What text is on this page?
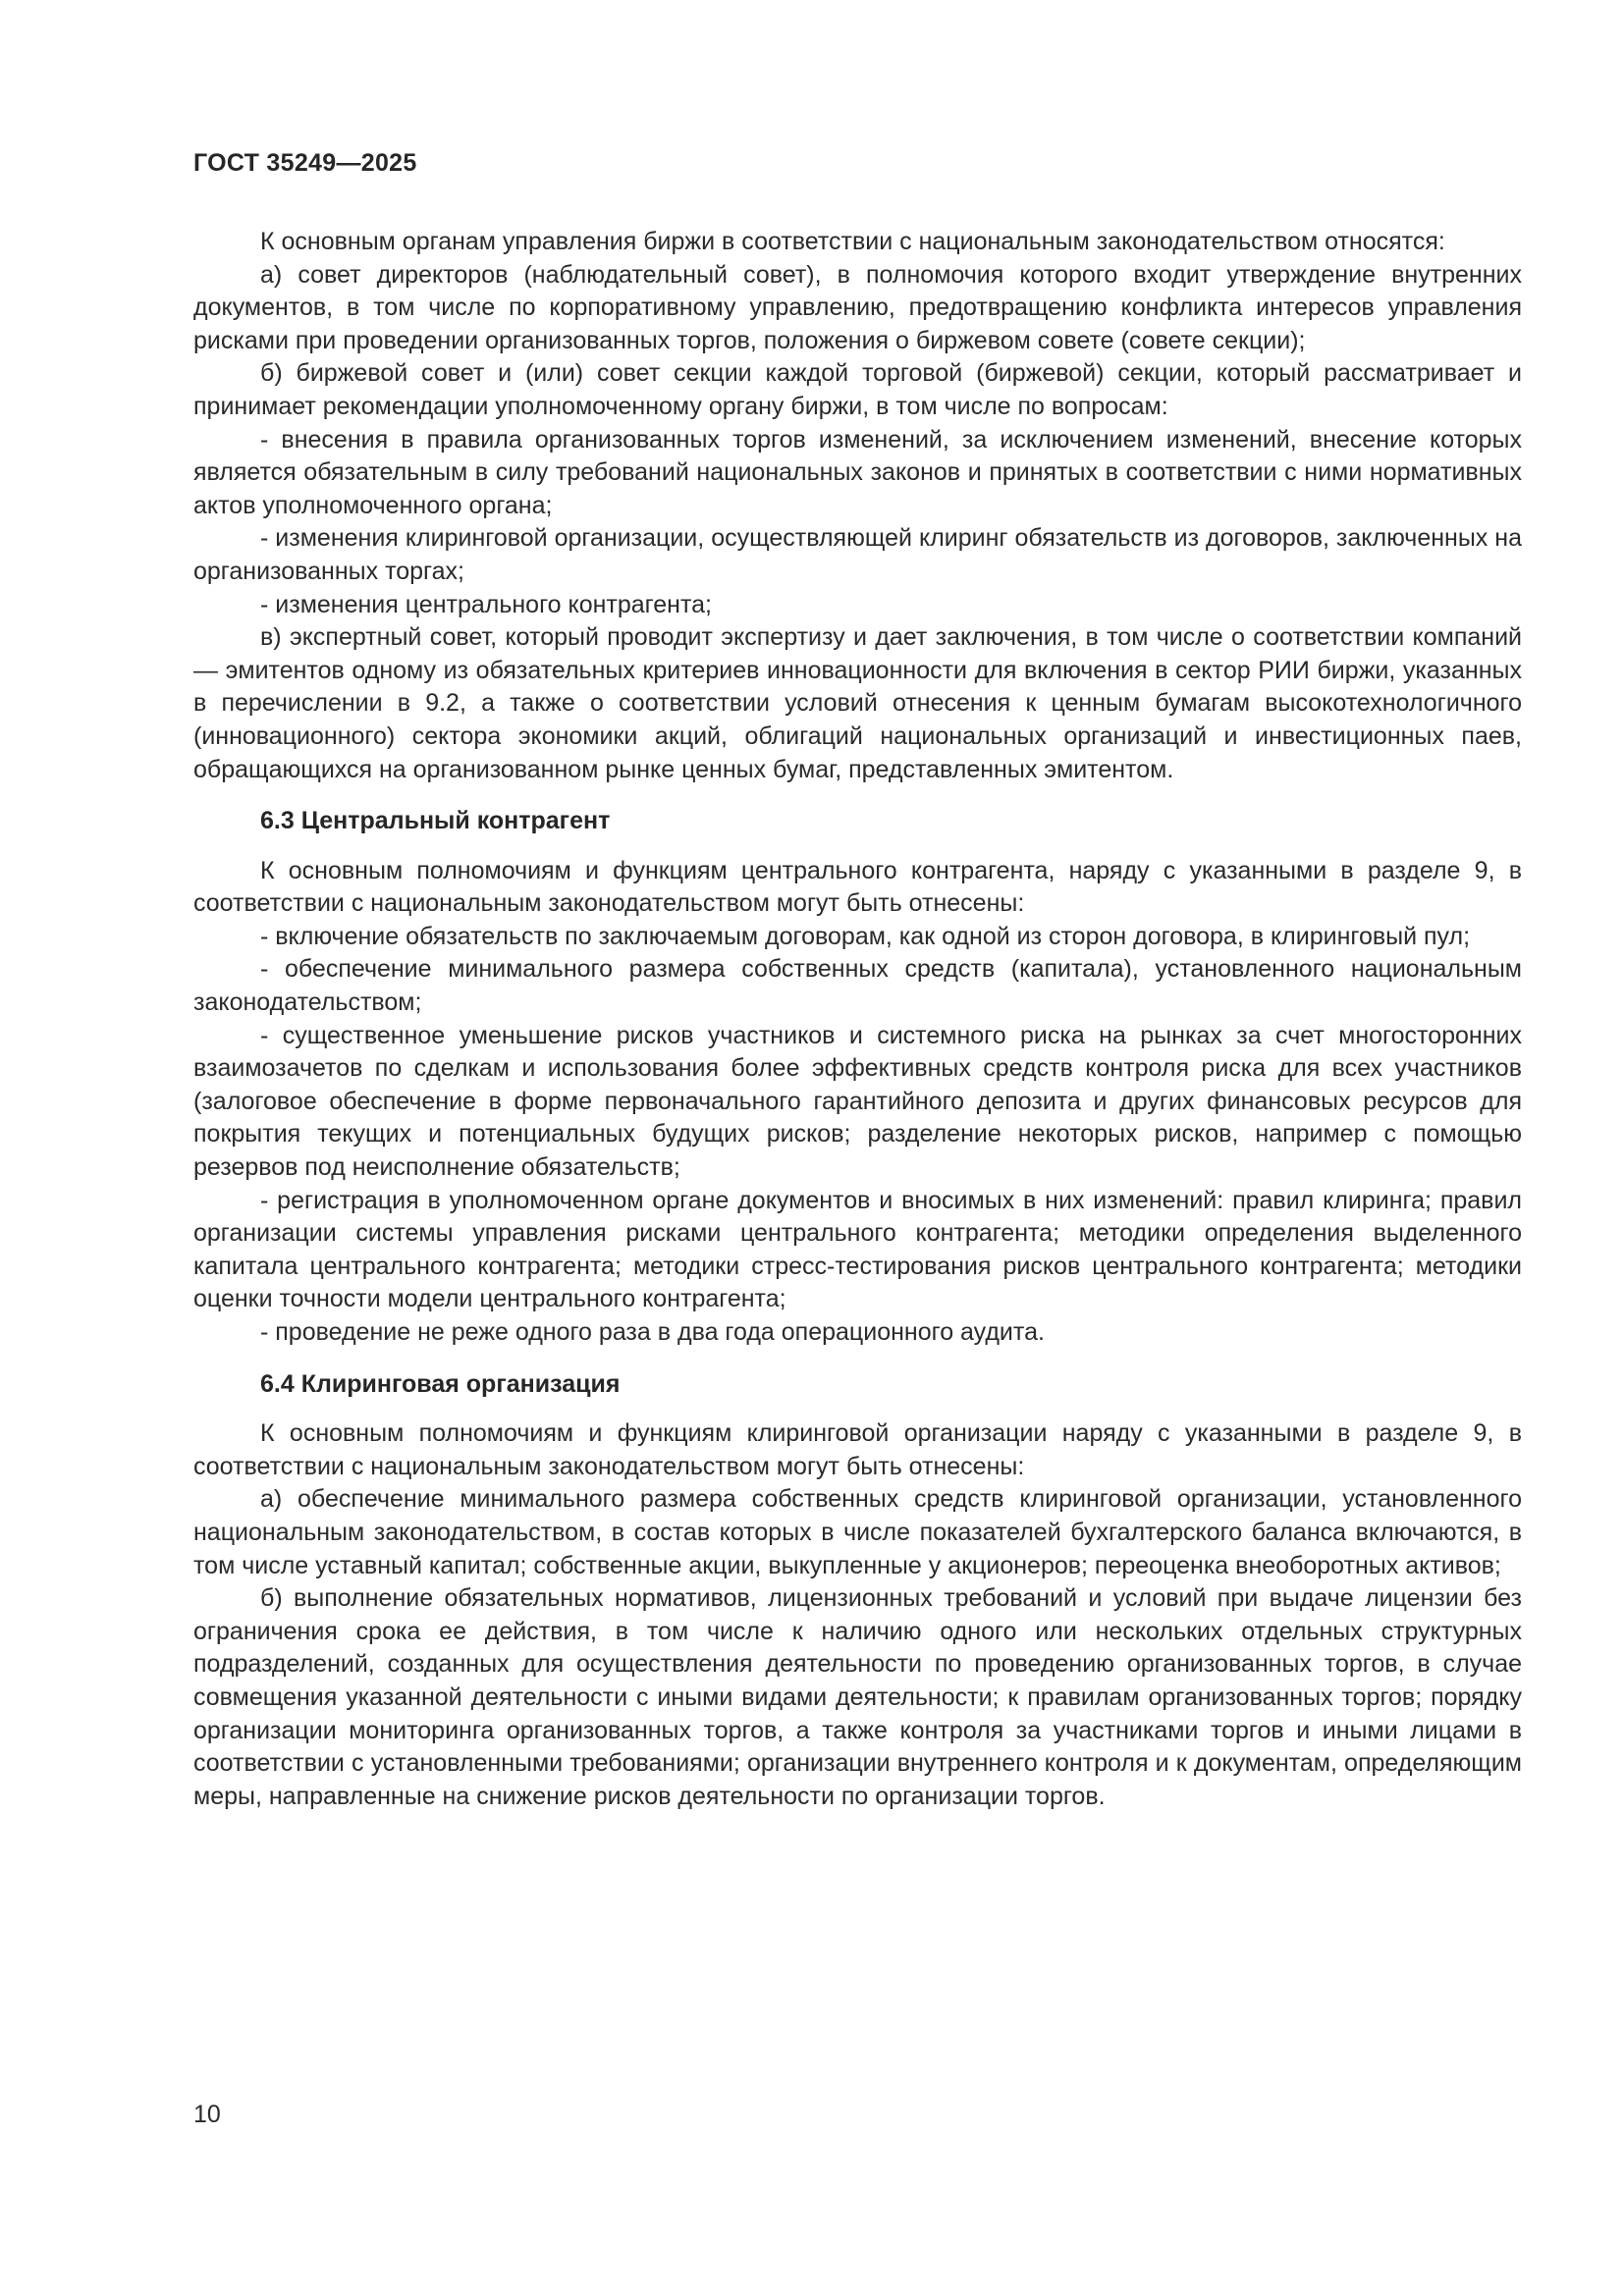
ГОСТ 35249—2025

К основным органам управления биржи в соответствии с национальным законодательством относятся:

а) совет директоров (наблюдательный совет), в полномочия которого входит утверждение внутренних документов, в том числе по корпоративному управлению, предотвращению конфликта интересов управления рисками при проведении организованных торгов, положения о биржевом совете (совете секции);

б) биржевой совет и (или) совет секции каждой торговой (биржевой) секции, который рассматривает и принимает рекомендации уполномоченному органу биржи, в том числе по вопросам:

- внесения в правила организованных торгов изменений, за исключением изменений, внесение которых является обязательным в силу требований национальных законов и принятых в соответствии с ними нормативных актов уполномоченного органа;

- изменения клиринговой организации, осуществляющей клиринг обязательств из договоров, заключенных на организованных торгах;

- изменения центрального контрагента;

в) экспертный совет, который проводит экспертизу и дает заключения, в том числе о соответствии компаний — эмитентов одному из обязательных критериев инновационности для включения в сектор РИИ биржи, указанных в перечислении в 9.2, а также о соответствии условий отнесения к ценным бумагам высокотехнологичного (инновационного) сектора экономики акций, облигаций национальных организаций и инвестиционных паев, обращающихся на организованном рынке ценных бумаг, представленных эмитентом.

6.3 Центральный контрагент

К основным полномочиям и функциям центрального контрагента, наряду с указанными в разделе 9, в соответствии с национальным законодательством могут быть отнесены:

- включение обязательств по заключаемым договорам, как одной из сторон договора, в клиринговый пул;

- обеспечение минимального размера собственных средств (капитала), установленного национальным законодательством;

- существенное уменьшение рисков участников и системного риска на рынках за счет многосторонних взаимозачетов по сделкам и использования более эффективных средств контроля риска для всех участников (залоговое обеспечение в форме первоначального гарантийного депозита и других финансовых ресурсов для покрытия текущих и потенциальных будущих рисков; разделение некоторых рисков, например с помощью резервов под неисполнение обязательств;

- регистрация в уполномоченном органе документов и вносимых в них изменений: правил клиринга; правил организации системы управления рисками центрального контрагента; методики определения выделенного капитала центрального контрагента; методики стресс-тестирования рисков центрального контрагента; методики оценки точности модели центрального контрагента;

- проведение не реже одного раза в два года операционного аудита.

6.4 Клиринговая организация

К основным полномочиям и функциям клиринговой организации наряду с указанными в разделе 9, в соответствии с национальным законодательством могут быть отнесены:

а) обеспечение минимального размера собственных средств клиринговой организации, установленного национальным законодательством, в состав которых в числе показателей бухгалтерского баланса включаются, в том числе уставный капитал; собственные акции, выкупленные у акционеров; переоценка внеоборотных активов;

б) выполнение обязательных нормативов, лицензионных требований и условий при выдаче лицензии без ограничения срока ее действия, в том числе к наличию одного или нескольких отдельных структурных подразделений, созданных для осуществления деятельности по проведению организованных торгов, в случае совмещения указанной деятельности с иными видами деятельности; к правилам организованных торгов; порядку организации мониторинга организованных торгов, а также контроля за участниками торгов и иными лицами в соответствии с установленными требованиями; организации внутреннего контроля и к документам, определяющим меры, направленные на снижение рисков деятельности по организации торгов.

10
